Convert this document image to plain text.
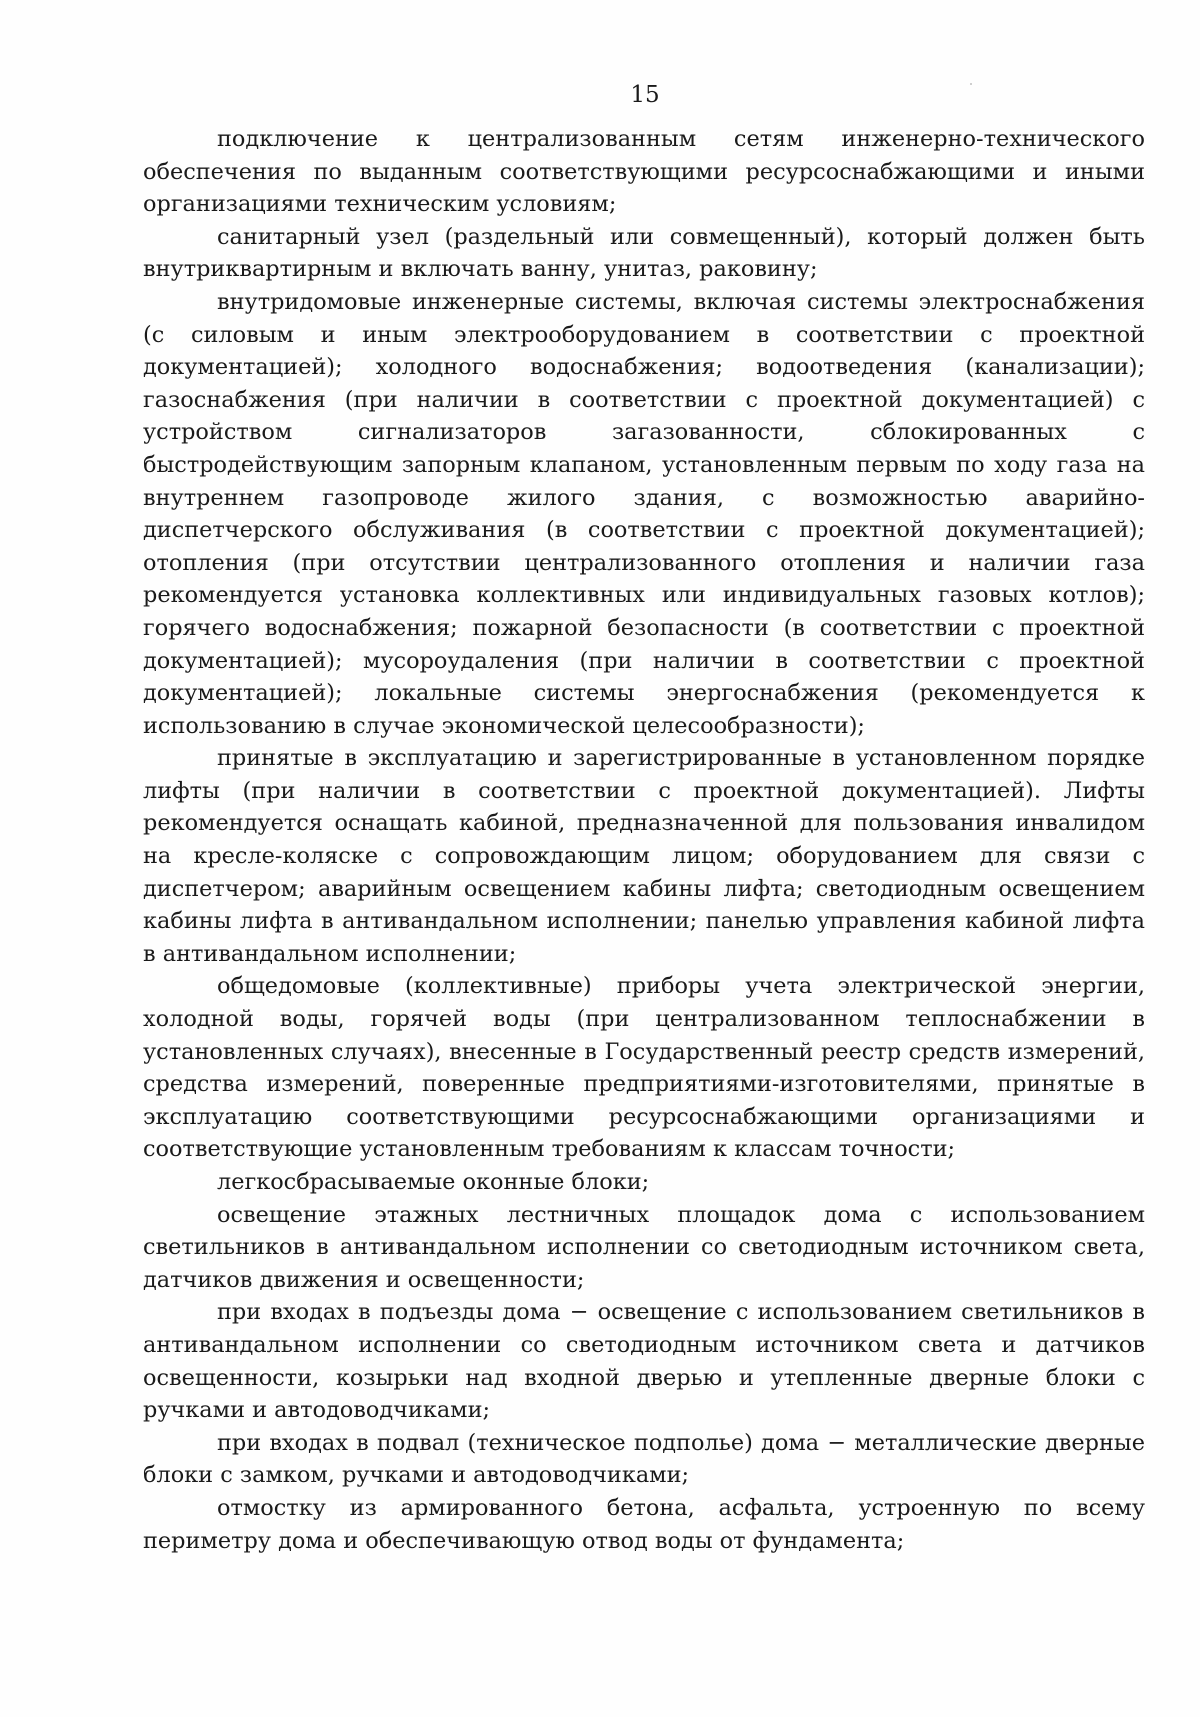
15

подключение к централизованным сетям инженерно-технического обеспечения по выданным соответствующими ресурсоснабжающими и иными организациями техническим условиям;

санитарный узел (раздельный или совмещенный), который должен быть внутриквартирным и включать ванну, унитаз, раковину;

внутридомовые инженерные системы, включая системы электроснабжения (с силовым и иным электрооборудованием в соответствии с проектной документацией); холодного водоснабжения; водоотведения (канализации); газоснабжения (при наличии в соответствии с проектной документацией) с устройством сигнализаторов загазованности, сблокированных с быстродействующим запорным клапаном, установленным первым по ходу газа на внутреннем газопроводе жилого здания, с возможностью аварийно-диспетчерского обслуживания (в соответствии с проектной документацией); отопления (при отсутствии централизованного отопления и наличии газа рекомендуется установка коллективных или индивидуальных газовых котлов); горячего водоснабжения; пожарной безопасности (в соответствии с проектной документацией); мусороудаления (при наличии в соответствии с проектной документацией); локальные системы энергоснабжения (рекомендуется к использованию в случае экономической целесообразности);

принятые в эксплуатацию и зарегистрированные в установленном порядке лифты (при наличии в соответствии с проектной документацией). Лифты рекомендуется оснащать кабиной, предназначенной для пользования инвалидом на кресле-коляске с сопровождающим лицом; оборудованием для связи с диспетчером; аварийным освещением кабины лифта; светодиодным освещением кабины лифта в антивандальном исполнении; панелью управления кабиной лифта в антивандальном исполнении;

общедомовые (коллективные) приборы учета электрической энергии, холодной воды, горячей воды (при централизованном теплоснабжении в установленных случаях), внесенные в Государственный реестр средств измерений, средства измерений, поверенные предприятиями-изготовителями, принятые в эксплуатацию соответствующими ресурсоснабжающими организациями и соответствующие установленным требованиям к классам точности;

легкосбрасываемые оконные блоки;

освещение этажных лестничных площадок дома с использованием светильников в антивандальном исполнении со светодиодным источником света, датчиков движения и освещенности;

при входах в подъезды дома − освещение с использованием светильников в антивандальном исполнении со светодиодным источником света и датчиков освещенности, козырьки над входной дверью и утепленные дверные блоки с ручками и автодоводчиками;

при входах в подвал (техническое подполье) дома − металлические дверные блоки с замком, ручками и автодоводчиками;

отмостку из армированного бетона, асфальта, устроенную по всему периметру дома и обеспечивающую отвод воды от фундамента;
